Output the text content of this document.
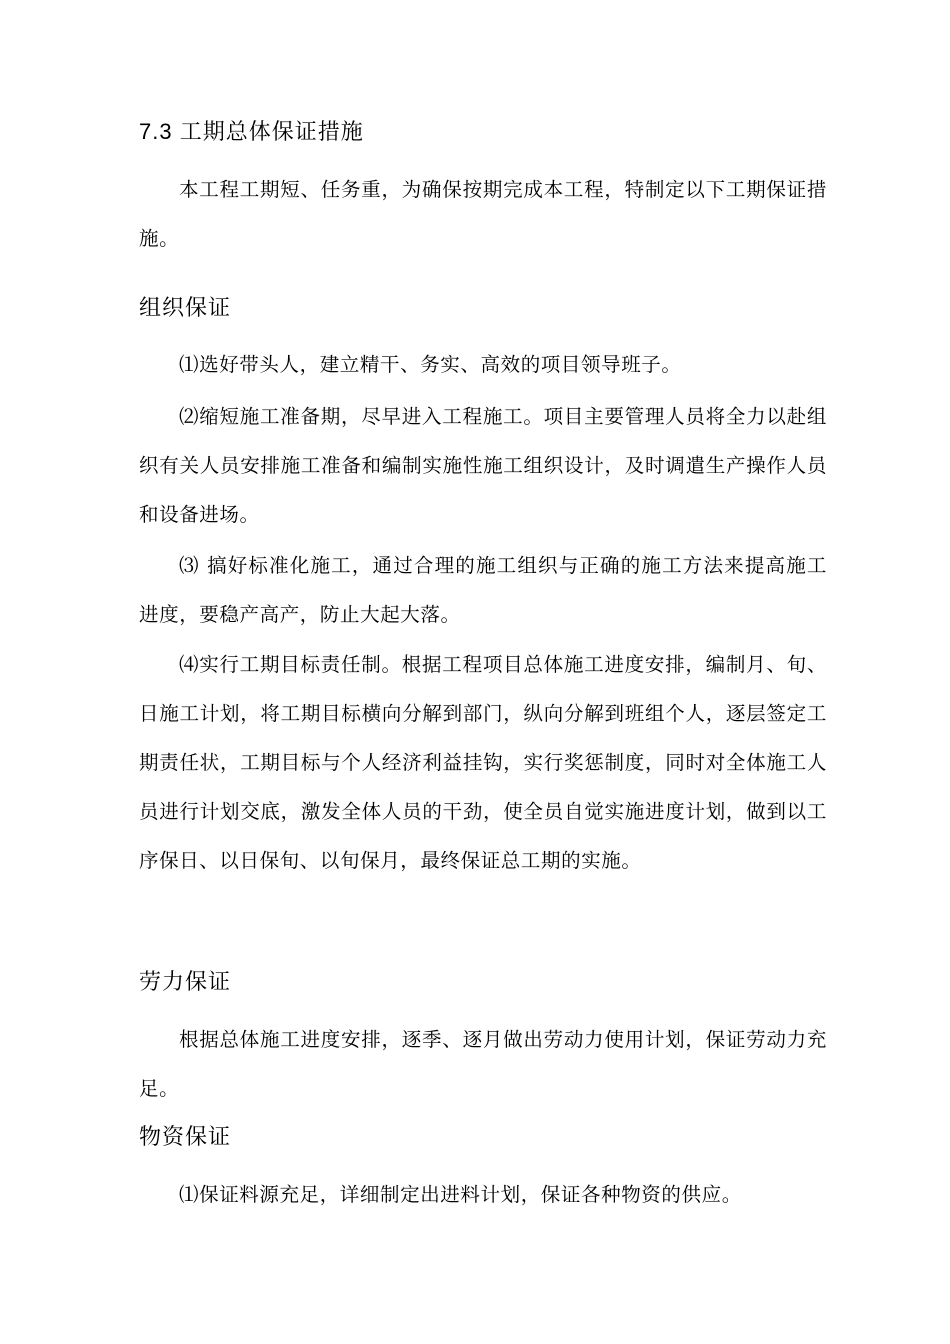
7.3 工期总体保证措施

本工程工期短、任务重，为确保按期完成本工程，特制定以下工期保证措施。

组织保证

⑴选好带头人，建立精干、务实、高效的项目领导班子。

⑵缩短施工准备期，尽早进入工程施工。项目主要管理人员将全力以赴组织有关人员安排施工准备和编制实施性施工组织设计，及时调遣生产操作人员和设备进场。

⑶ 搞好标准化施工，通过合理的施工组织与正确的施工方法来提高施工进度，要稳产高产，防止大起大落。

⑷实行工期目标责任制。根据工程项目总体施工进度安排，编制月、旬、日施工计划，将工期目标横向分解到部门，纵向分解到班组个人，逐层签定工期责任状，工期目标与个人经济利益挂钩，实行奖惩制度，同时对全体施工人员进行计划交底，激发全体人员的干劲，使全员自觉实施进度计划，做到以工序保日、以日保旬、以旬保月，最终保证总工期的实施。

劳力保证

根据总体施工进度安排，逐季、逐月做出劳动力使用计划，保证劳动力充足。

物资保证

⑴保证料源充足，详细制定出进料计划，保证各种物资的供应。
